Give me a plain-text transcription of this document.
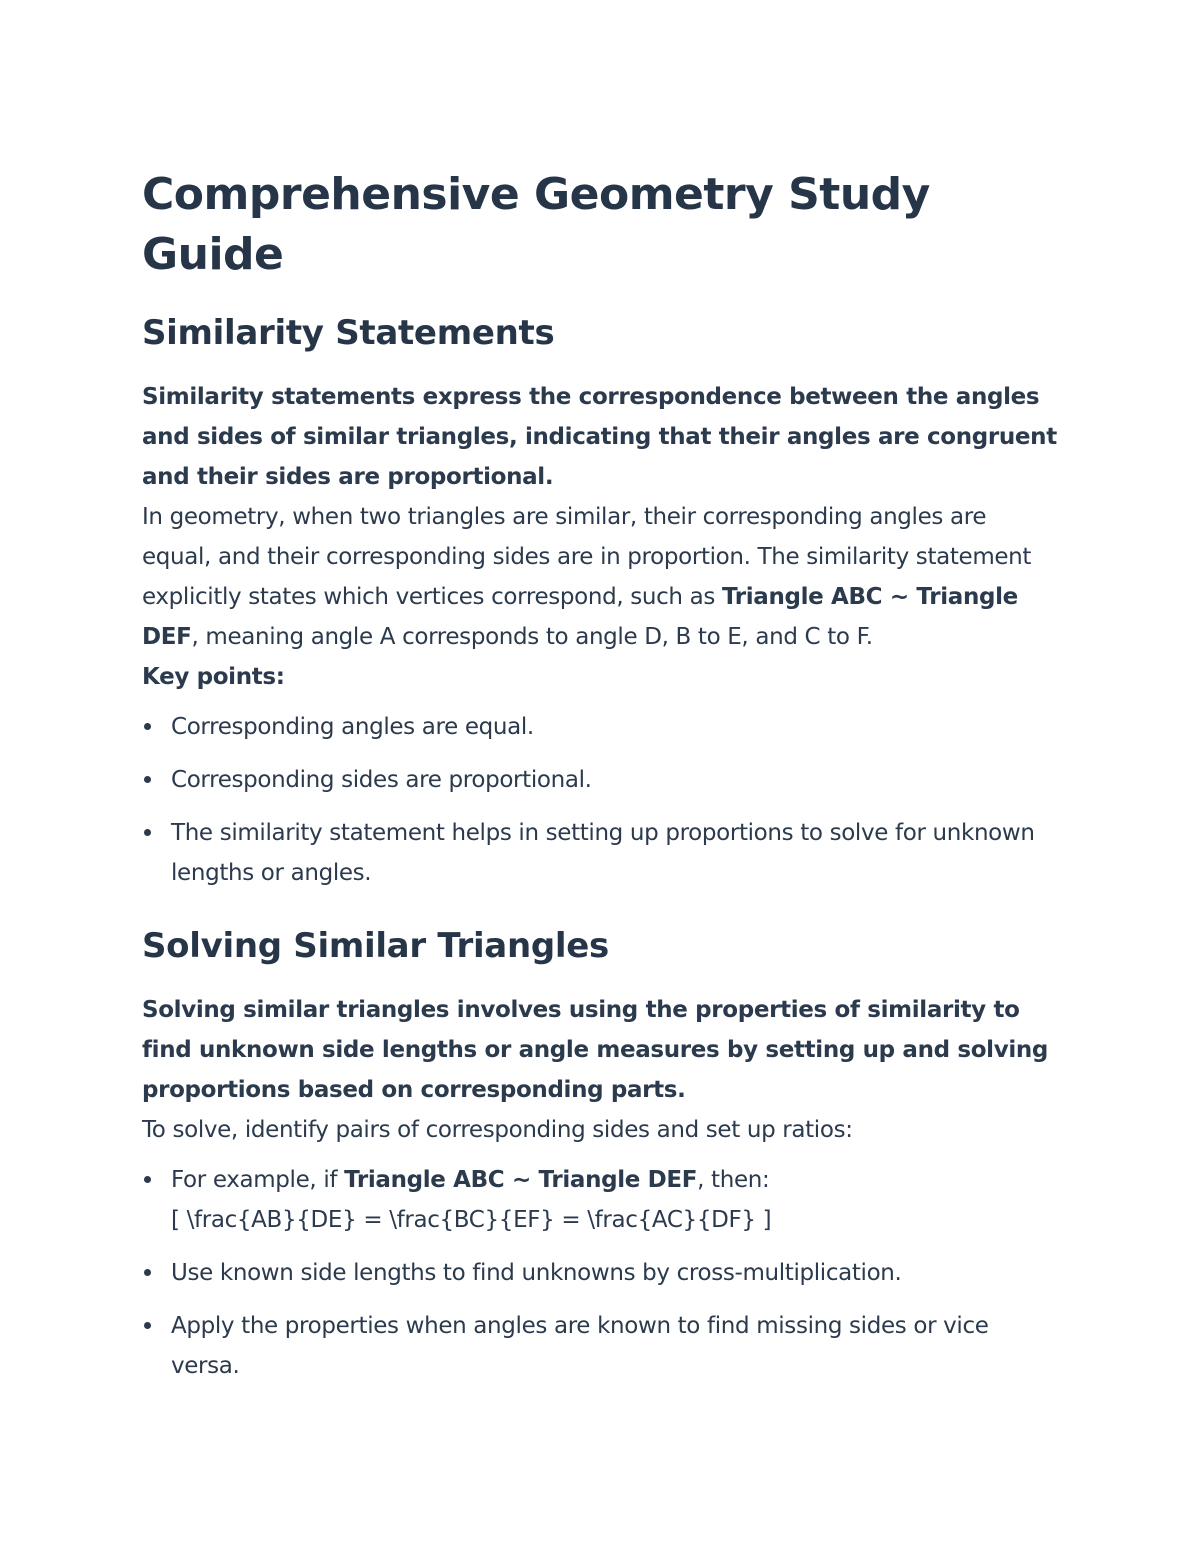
Comprehensive Geometry Study Guide
Similarity Statements

Similarity statements express the correspondence between the angles and sides of similar triangles, indicating that their angles are congruent and their sides are proportional.

In geometry, when two triangles are similar, their corresponding angles are equal, and their corresponding sides are in proportion. The similarity statement explicitly states which vertices correspond, such as Triangle ABC ~ Triangle DEF, meaning angle A corresponds to angle D, B to E, and C to F.

Key points:

Corresponding angles are equal.
Corresponding sides are proportional.
The similarity statement helps in setting up proportions to solve for unknown lengths or angles.
Solving Similar Triangles

Solving similar triangles involves using the properties of similarity to find unknown side lengths or angle measures by setting up and solving proportions based on corresponding parts.

To solve, identify pairs of corresponding sides and set up ratios:

For example, if Triangle ABC ~ Triangle DEF, then:
[ \frac{AB}{DE} = \frac{BC}{EF} = \frac{AC}{DF} ]
Use known side lengths to find unknowns by cross-multiplication.
Apply the properties when angles are known to find missing sides or vice versa.
